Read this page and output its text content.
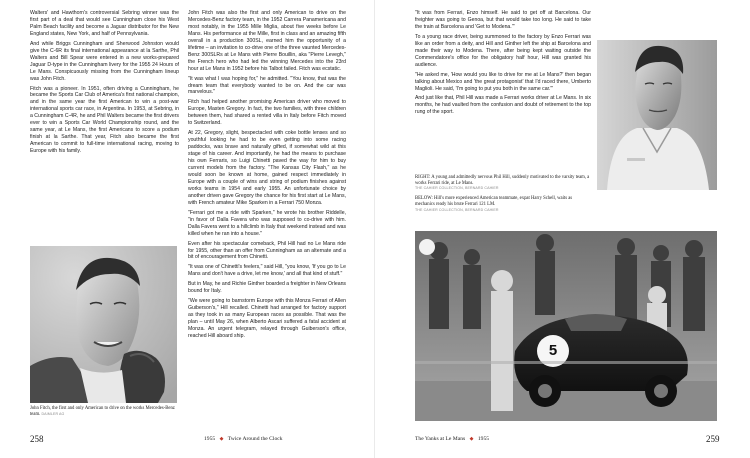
Walters' and Hawthorn's controversial Sebring winner was the first part of a deal that would see Cunningham close his West Palm Beach facility and become a Jaguar distributor for the New England states, New York, and half of Pennsylvania.

And while Briggs Cunningham and Sherwood Johnston would give the C-6R its final international appearance at la Sarthe, Phil Walters and Bill Spear were entered in a new works-prepared Jaguar D-type in the Cunningham livery for the 1955 24 Hours of Le Mans. Conspicuously missing from the Cunningham lineup was John Fitch.

Fitch was a pioneer. In 1951, often driving a Cunningham, he became the Sports Car Club of America's first national champion, and in the same year the first American to win a post-war international sports car race, in Argentina. In 1953, at Sebring, in a Cunningham C-4R, he and Phil Walters became the first drivers ever to win a Sports Car World Championship round, and the same year, at Le Mans, the first Americans to score a podium finish at la Sarthe. That year, Fitch also became the first American to commit to full-time international racing, moving to Europe with his family.

John Fitch was also the first and only American to drive on the Mercedes-Benz factory team, in the 1952 Carrera Panamericana and most notably, in the 1955 Mille Miglia, about five weeks before Le Mans. His performance at the Mille, first in class and an amazing fifth overall in a production 300SL, earned him the opportunity of a lifetime – an invitation to co-drive one of the three vaunted Mercedes-Benz 300SLRs at Le Mans with Pierre Bouillin, aka "Pierre Levegh," the French hero who had led the winning Mercedes into the 23rd hour at Le Mans in 1952 before his Talbot failed. Fitch was ecstatic.

"It was what I was hoping for," he admitted. "You know, that was the dream team that everybody wanted to be on. And the car was marvelous."

Fitch had helped another promising American driver who moved to Europe, Masten Gregory. In fact, the two families, with three children between them, had shared a rented villa in Italy before Fitch moved to Switzerland.

At 22, Gregory, slight, bespectacled with coke bottle lenses and so youthful looking he had to be even getting into some racing paddocks, was brave and naturally gifted, if somewhat wild at this stage of his career. And importantly, he had the means to purchase his own Ferraris, so Luigi Chinetti paved the way for him to buy current models from the factory. "The Kansas City Flash," as he would soon be known at home, gained respect immediately in Europe with a couple of wins and string of podium finishes against works teams in 1954 and early 1955. An unfortunate choice by another driven gave Gregory the chance for his first start at Le Mans, with French amateur Mike Sparken in a Ferrari 750 Monza.

"Ferrari got me a ride with Sparken," he wrote his brother Riddelle, "in favor of Dalla Favera who was supposed to co-drive with him. Dalla Favera went to a hillclimb in Italy that weekend instead and was killed when he ran into a house."

Even after his spectacular comeback, Phil Hill had no Le Mans ride for 1955, other than an offer from Cunningham as an alternate and a bit of encouragement from Chinetti.

"It was one of Chinetti's feelers," said Hill, "you know, 'If you go to Le Mans and don't have a drive, let me know,' and all that kind of stuff."

But in May, he and Richie Ginther boarded a freighter in New Orleans bound for Italy.

"We were going to barnstorm Europe with this Monza Ferrari of Allen Guiberson's," Hill recalled. Chinetti had arranged for factory support as they took in as many European races as possible. That was the plan – until May 26, when Alberto Ascari suffered a fatal accident at Monza. An urgent telegram, relayed through Guiberson's office, reached Hill aboard ship.

John Fitch, the first and only American to drive on the works Mercedes-Benz team. DAIMLER AG
258	1955 ◆ Twice Around the Clock

"It was from Ferrari, Enzo himself. He said to get off at Barcelona. Our freighter was going to Genoa, but that would take too long. He said to take the train at Barcelona and 'Get to Modena.'"

To a young race driver, being summoned to the factory by Enzo Ferrari was like an order from a deity, and Hill and Ginther left the ship at Barcelona and made their way to Modena. There, after being kept waiting outside the Commendatore's office for the obligatory half hour, Hill was granted his audience.

"He asked me, 'How would you like to drive for me at Le Mans?' then began talking about Mexico and 'the great protagonist' that I'd raced there, Umberto Maglioli. He said, 'I'm going to put you both in the same car.'"

And just like that, Phil Hill was made a Ferrari works driver at Le Mans. In six months, he had vaulted from the confusion and doubt of retirement to the top rung of the sport.

RIGHT: A young and admittedly nervous Phil Hill, suddenly motivated to the varsity team, a works Ferrari ride, at Le Mans.
THE CAHIER COLLECTION, BERNARD CAHIER

BELOW: Hill's more experienced American teammate, expat Harry Schell, waits as mechanics ready his brute Ferrari 121 LM.
THE CAHIER COLLECTION, BERNARD CAHIER

5
The Yanks at Le Mans ◆ 1955	259
